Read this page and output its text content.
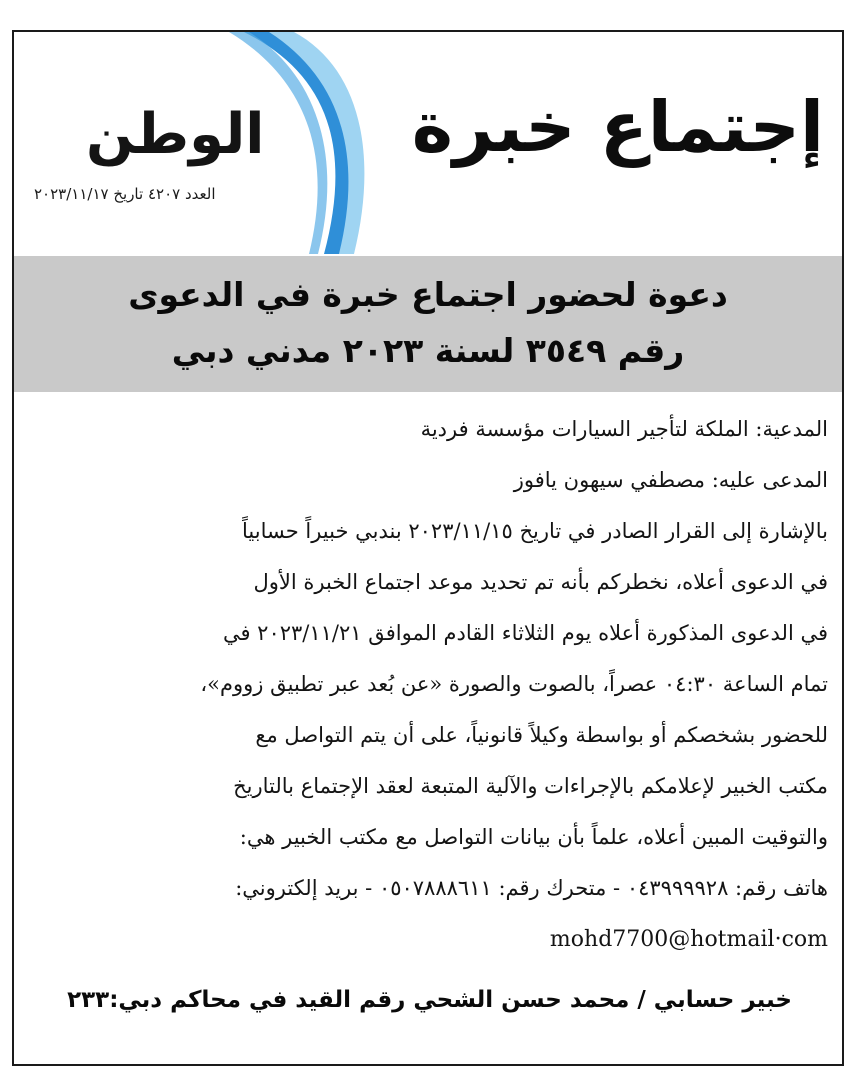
إجتماع خبرة
الوطن
العدد ٤٢٠٧ تاريخ ٢٠٢٣/١١/١٧
دعوة لحضور اجتماع خبرة في الدعوى
رقم ٣٥٤٩ لسنة ٢٠٢٣ مدني دبي
المدعية: الملكة لتأجير السيارات مؤسسة فردية
المدعى عليه: مصطفي سيهون يافوز
بالإشارة إلى القرار الصادر في تاريخ ٢٠٢٣/١١/١٥ بندبي خبيراً حسابياً
في الدعوى أعلاه، نخطركم بأنه تم تحديد موعد اجتماع الخبرة الأول
في الدعوى المذكورة أعلاه يوم الثلاثاء القادم الموافق ٢٠٢٣/١١/٢١ في
تمام الساعة ٠٤:٣٠ عصراً، بالصوت والصورة «عن بُعد عبر تطبيق زووم»،
للحضور بشخصكم أو بواسطة وكيلاً قانونياً، على أن يتم التواصل مع
مكتب الخبير لإعلامكم بالإجراءات والآلية المتبعة لعقد الإجتماع بالتاريخ
والتوقيت المبين أعلاه، علماً بأن بيانات التواصل مع مكتب الخبير هي:
هاتف رقم: ٠٤٣٩٩٩٩٢٨ - متحرك رقم: ٠٥٠٧٨٨٨٦١١ - بريد إلكتروني:
mohd7700@hotmail·com
خبير حسابي / محمد حسن الشحي رقم القيد في محاكم دبي:٢٣٣
